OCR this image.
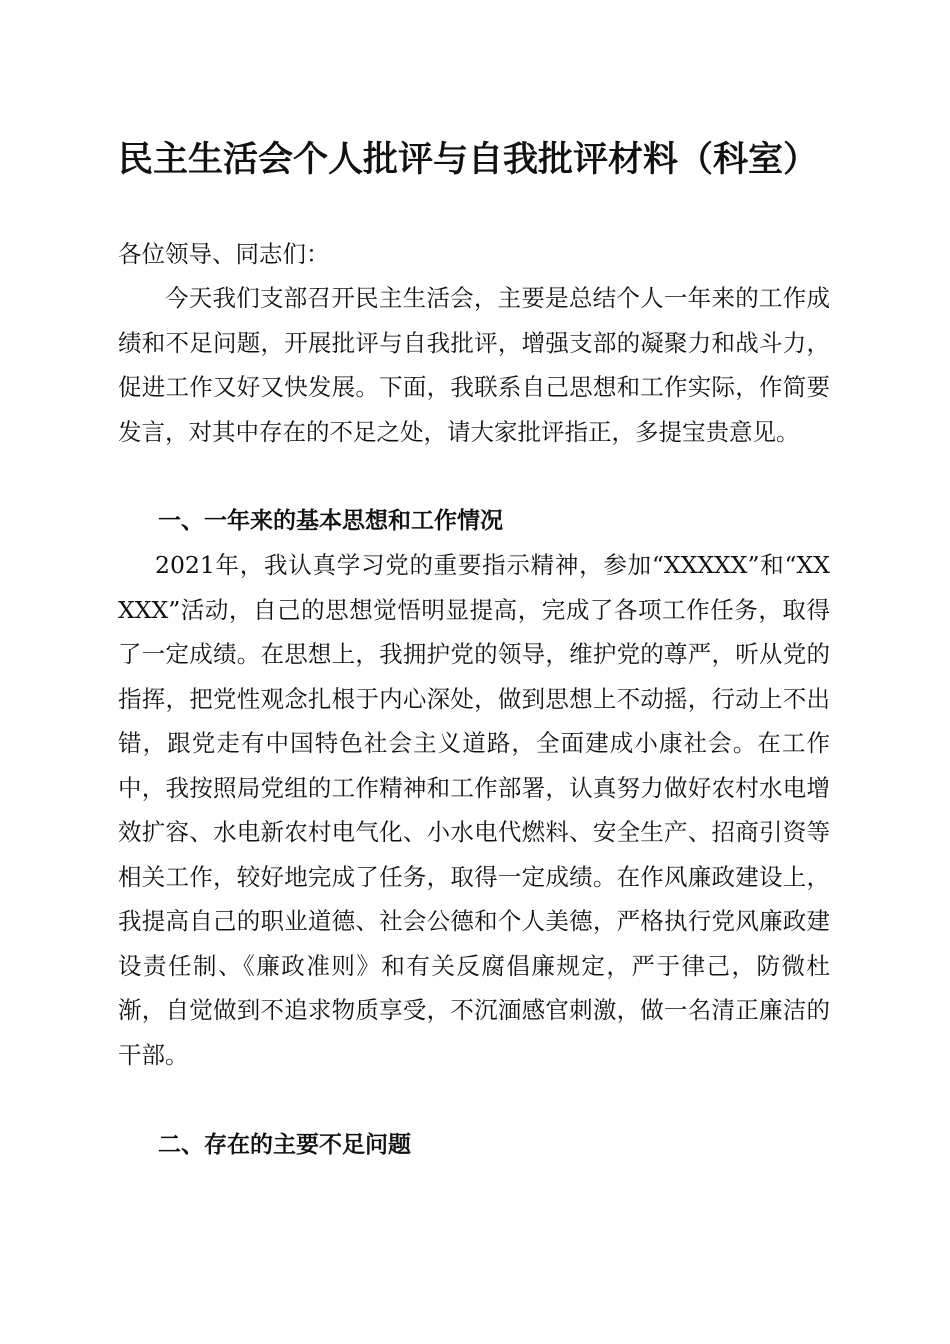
民主生活会个人批评与自我批评材料（科室）

各位领导、同志们：

今天我们支部召开民主生活会，主要是总结个人一年来的工作成绩和不足问题，开展批评与自我批评，增强支部的凝聚力和战斗力，促进工作又好又快发展。下面，我联系自己思想和工作实际，作简要发言，对其中存在的不足之处，请大家批评指正，多提宝贵意见。

一、一年来的基本思想和工作情况

2021年，我认真学习党的重要指示精神，参加“XXXXX”和“XXXXX”活动，自己的思想觉悟明显提高，完成了各项工作任务，取得了一定成绩。在思想上，我拥护党的领导，维护党的尊严，听从党的指挥，把党性观念扎根于内心深处，做到思想上不动摇，行动上不出错，跟党走有中国特色社会主义道路，全面建成小康社会。在工作中，我按照局党组的工作精神和工作部署，认真努力做好农村水电增效扩容、水电新农村电气化、小水电代燃料、安全生产、招商引资等相关工作，较好地完成了任务，取得一定成绩。在作风廉政建设上，我提高自己的职业道德、社会公德和个人美德，严格执行党风廉政建设责任制、《廉政准则》和有关反腐倡廉规定，严于律己，防微杜渐，自觉做到不追求物质享受，不沉湎感官刺激，做一名清正廉洁的干部。

二、存在的主要不足问题
